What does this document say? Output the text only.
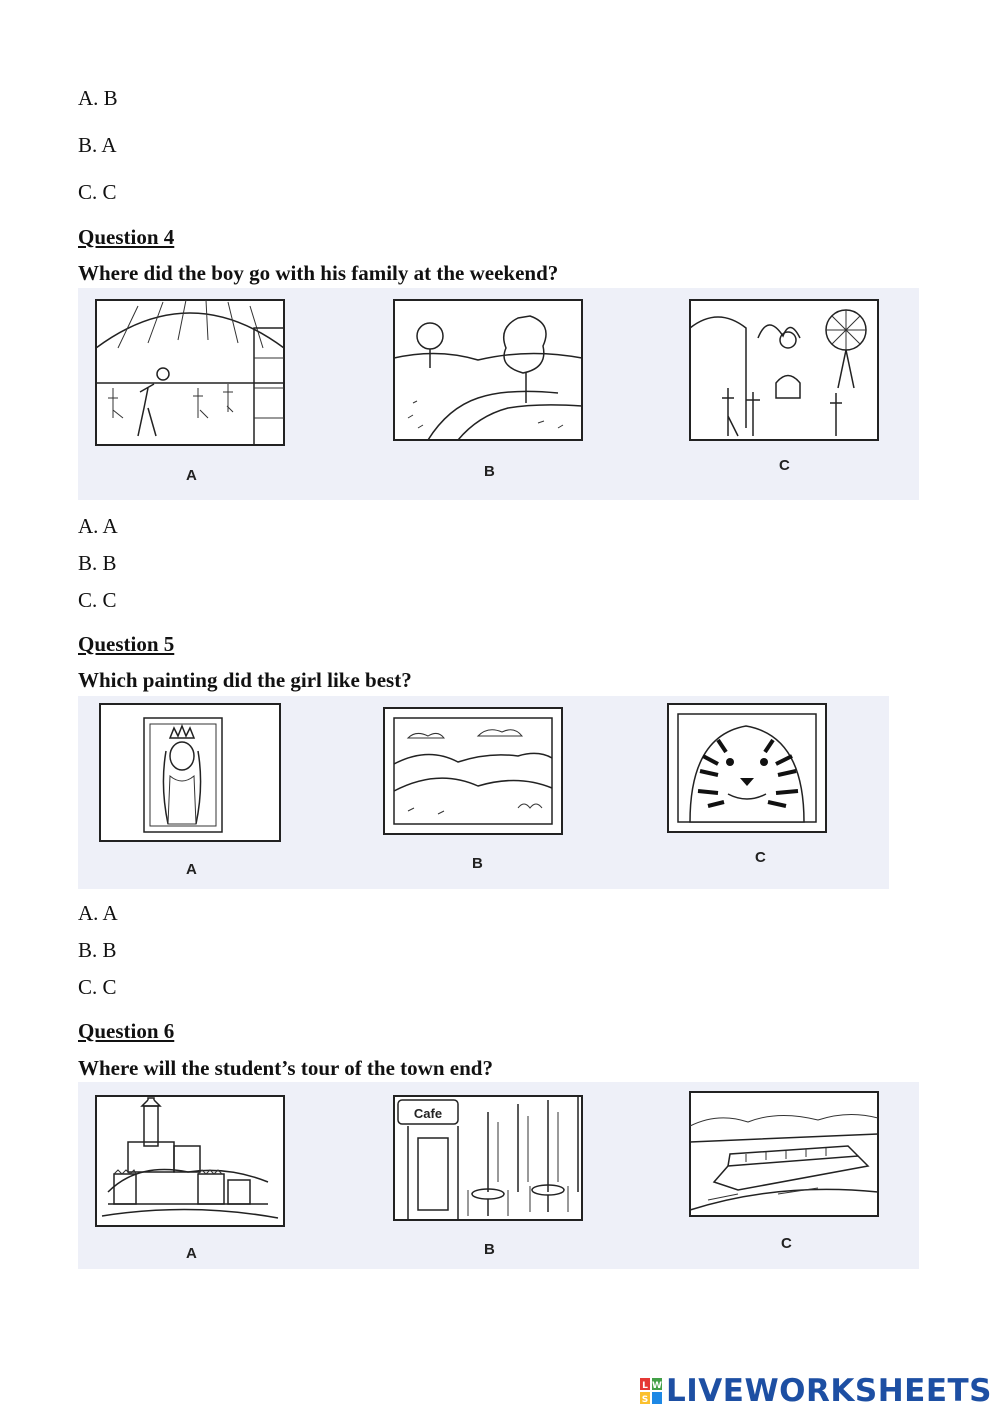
A. B
B. A
C. C
Question 4
Where did the boy go with his family at the weekend?
A	B	C
A. A
B. B
C. C
Question 5
Which painting did the girl like best?
A	B	C
A. A
B. B
C. C
Question 6
Where will the student’s tour of the town end?
A
Cafe
B	C
L W
S LIVEWORKSHEETS
